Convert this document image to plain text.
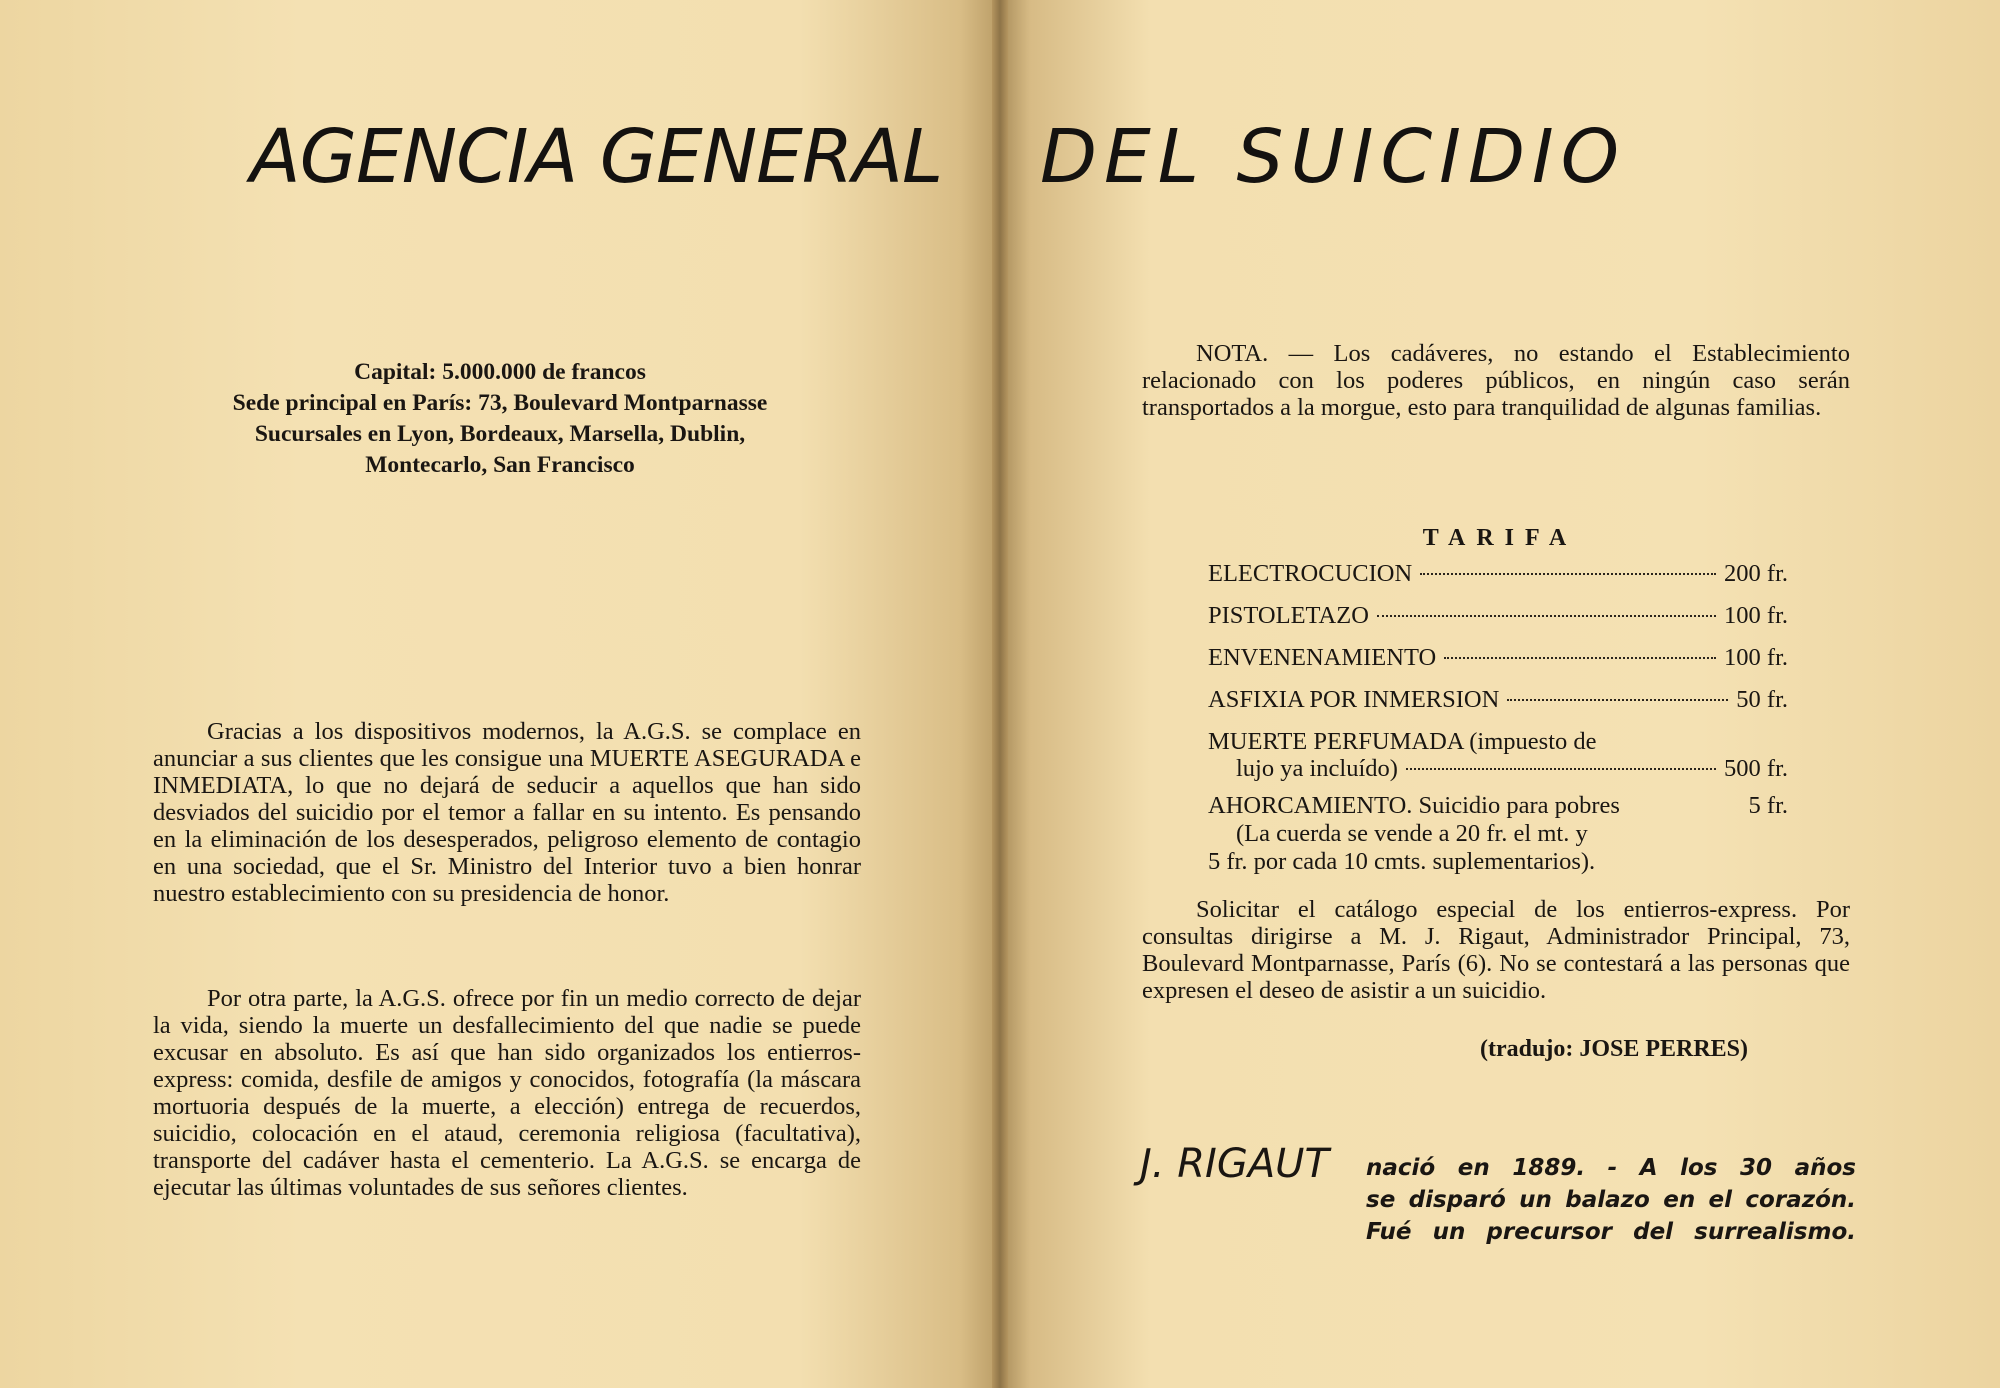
AGENCIA GENERAL DEL SUICIDIO
Capital: 5.000.000 de francos
Sede principal en París: 73, Boulevard Montparnasse
Sucursales en Lyon, Bordeaux, Marsella, Dublin,
Montecarlo, San Francisco

Gracias a los dispositivos modernos, la A.G.S. se complace en anunciar a sus clientes que les consigue una MUERTE ASEGURADA e INMEDIATA, lo que no dejará de seducir a aquellos que han sido desviados del suicidio por el temor a fallar en su intento. Es pensando en la eliminación de los desesperados, peligroso elemento de contagio en una sociedad, que el Sr. Ministro del Interior tuvo a bien honrar nuestro establecimiento con su presidencia de honor.

Por otra parte, la A.G.S. ofrece por fin un medio correcto de dejar la vida, siendo la muerte un desfallecimiento del que nadie se puede excusar en absoluto. Es así que han sido organizados los entierros-express: comida, desfile de amigos y conocidos, fotografía (la máscara mortuoria después de la muerte, a elección) entrega de recuerdos, suicidio, colocación en el ataud, ceremonia religiosa (facultativa), transporte del cadáver hasta el cementerio. La A.G.S. se encarga de ejecutar las últimas voluntades de sus señores clientes.

NOTA. — Los cadáveres, no estando el Establecimiento relacionado con los poderes públicos, en ningún caso serán transportados a la morgue, esto para tranquilidad de algunas familias.

TARIFA
ELECTROCUCION	200 fr.
PISTOLETAZO	100 fr.
ENVENENAMIENTO	100 fr.
ASFIXIA POR INMERSION	50 fr.
MUERTE PERFUMADA (impuesto de
lujo ya incluído)	500 fr.
AHORCAMIENTO. Suicidio para pobres	5 fr.
(La cuerda se vende a 20 fr. el mt. y
5 fr. por cada 10 cmts. suplementarios).

Solicitar el catálogo especial de los entierros-express. Por consultas dirigirse a M. J. Rigaut, Administrador Principal, 73, Boulevard Montparnasse, París (6). No se contestará a las personas que expresen el deseo de asistir a un suicidio.

(tradujo: JOSE PERRES)

J. RIGAUT nació en 1889. - A los 30 años
se disparó un balazo en el corazón.
Fué un precursor del surrealismo.
